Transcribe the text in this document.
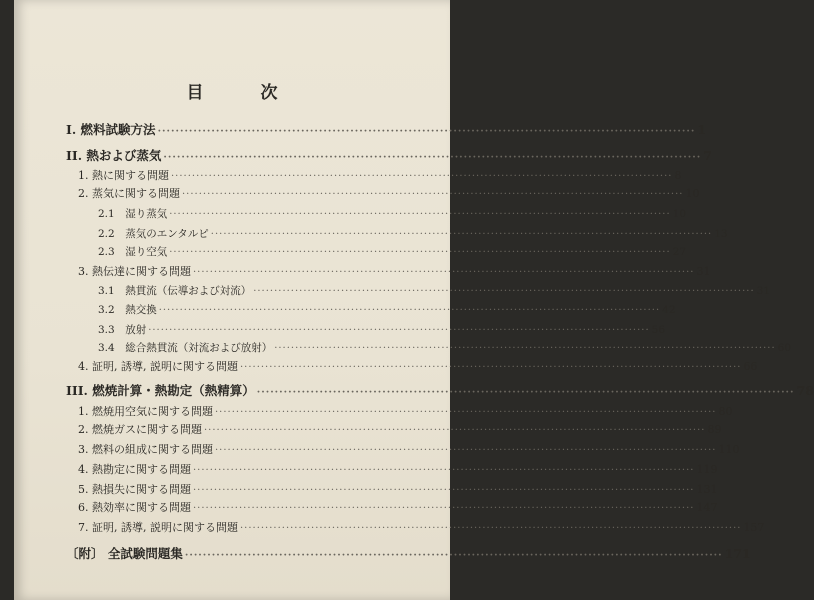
目　次
I. 燃料試験方法 ························································································································ 1
II. 熱および蒸気 ························································································································ 7
1. 熱に関する問題 ························································································································ 8
2. 蒸気に関する問題 ························································································································ 10
2.1　湿り蒸気 ························································································································ 10
2.2　蒸気のエンタルピ ························································································································ 13
2.3　湿り空気 ························································································································ 27
3. 熱伝達に関する問題 ························································································································ 31
3.1　熱貫流（伝導および対流） ························································································································ 31
3.2　熱交換 ························································································································ 42
3.3　放射 ························································································································ 56
3.4　総合熱貫流（対流および放射） ························································································································ 60
4. 証明, 誘導, 説明に関する問題 ························································································································ 66
III. 燃焼計算・熱勘定（熱精算） ························································································································ 78
1. 燃焼用空気に関する問題 ························································································································ 80
2. 燃焼ガスに関する問題 ························································································································ 89
3. 燃料の組成に関する問題 ························································································································ 110
4. 熱勘定に関する問題 ························································································································ 119
5. 熱損失に関する問題 ························································································································ 131
6. 熱効率に関する問題 ························································································································ 147
7. 証明, 誘導, 説明に関する問題 ························································································································ 157
〔附〕 全試験問題集 ························································································································ 171
